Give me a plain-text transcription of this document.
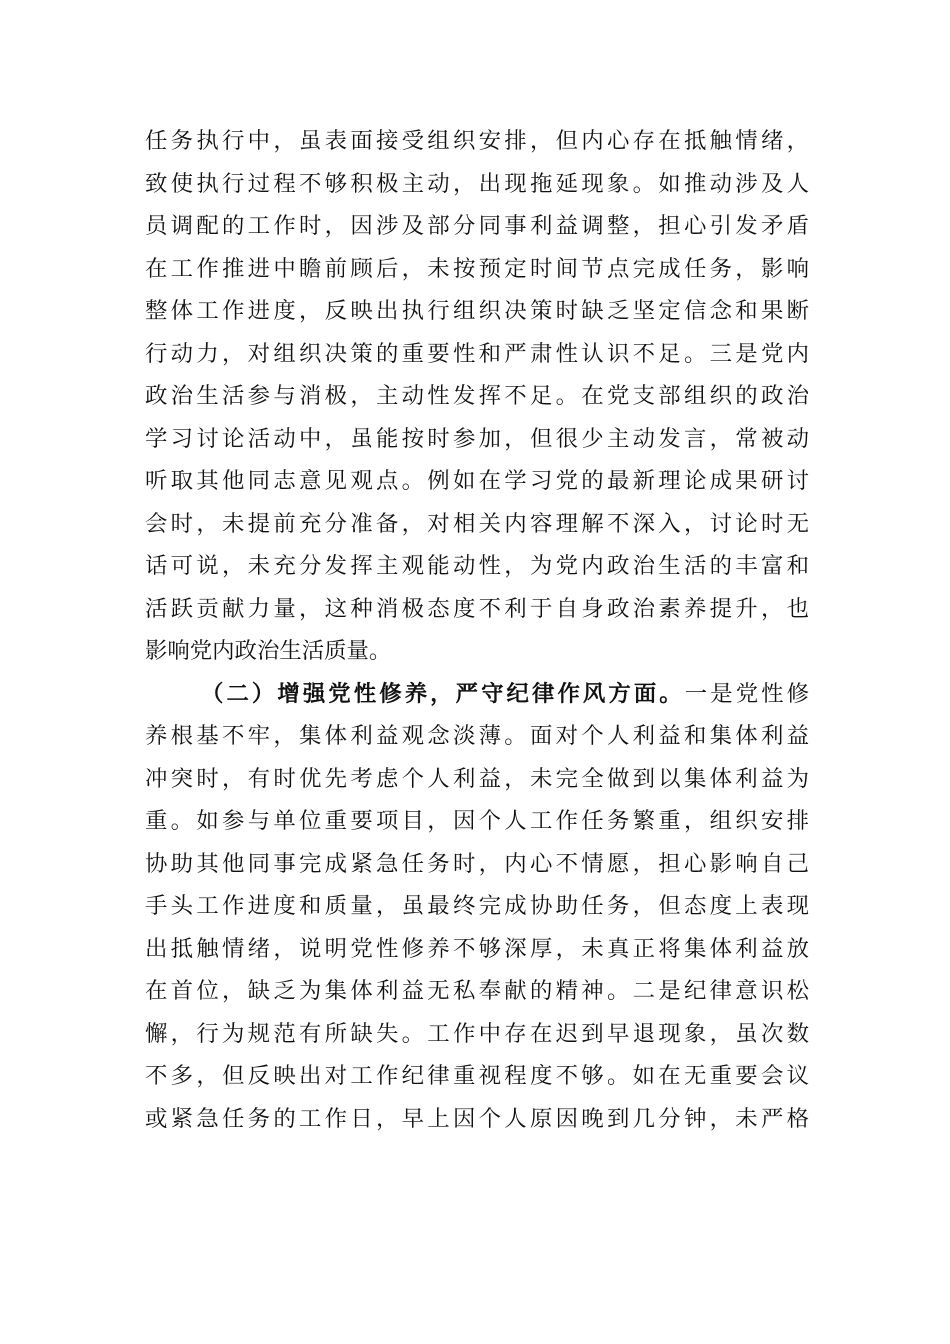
任务执行中，虽表面接受组织安排，但内心存在抵触情绪，
致使执行过程不够积极主动，出现拖延现象。如推动涉及人
员调配的工作时，因涉及部分同事利益调整，担心引发矛盾
在工作推进中瞻前顾后，未按预定时间节点完成任务，影响
整体工作进度，反映出执行组织决策时缺乏坚定信念和果断
行动力，对组织决策的重要性和严肃性认识不足。三是党内
政治生活参与消极，主动性发挥不足。在党支部组织的政治
学习讨论活动中，虽能按时参加，但很少主动发言，常被动
听取其他同志意见观点。例如在学习党的最新理论成果研讨
会时，未提前充分准备，对相关内容理解不深入，讨论时无
话可说，未充分发挥主观能动性，为党内政治生活的丰富和
活跃贡献力量，这种消极态度不利于自身政治素养提升，也
影响党内政治生活质量。
（二）增强党性修养，严守纪律作风方面。一是党性修
养根基不牢，集体利益观念淡薄。面对个人利益和集体利益
冲突时，有时优先考虑个人利益，未完全做到以集体利益为
重。如参与单位重要项目，因个人工作任务繁重，组织安排
协助其他同事完成紧急任务时，内心不情愿，担心影响自己
手头工作进度和质量，虽最终完成协助任务，但态度上表现
出抵触情绪，说明党性修养不够深厚，未真正将集体利益放
在首位，缺乏为集体利益无私奉献的精神。二是纪律意识松
懈，行为规范有所缺失。工作中存在迟到早退现象，虽次数
不多，但反映出对工作纪律重视程度不够。如在无重要会议
或紧急任务的工作日，早上因个人原因晚到几分钟，未严格
